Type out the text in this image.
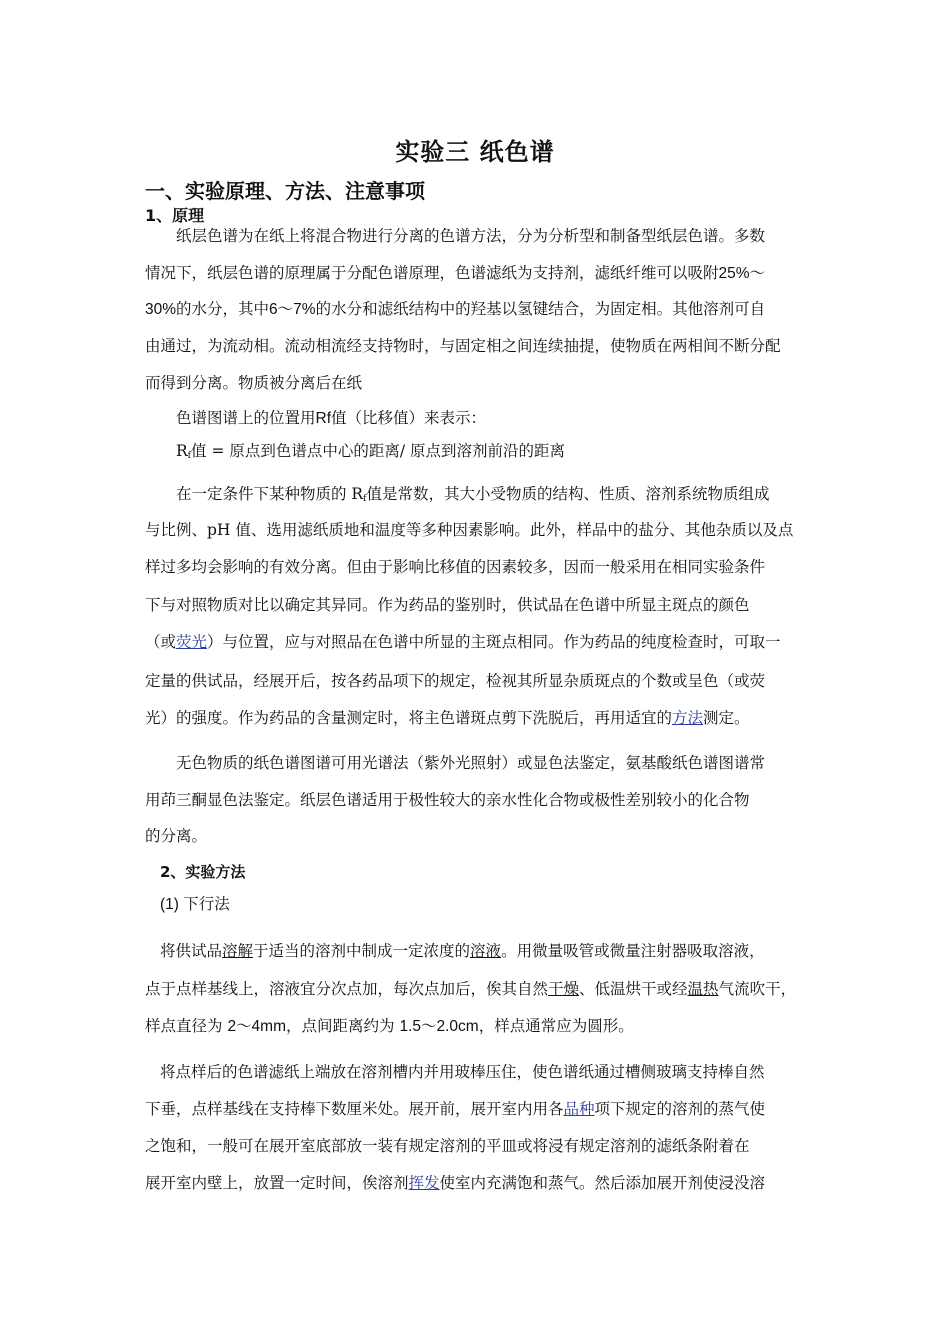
实验三 纸色谱
一、实验原理、方法、注意事项
1、原理
纸层色谱为在纸上将混合物进行分离的色谱方法，分为分析型和制备型纸层色谱。多数
情况下，纸层色谱的原理属于分配色谱原理，色谱滤纸为支持剂，滤纸纤维可以吸附25%～
30%的水分，其中6～7%的水分和滤纸结构中的羟基以氢键结合，为固定相。其他溶剂可自
由通过，为流动相。流动相流经支持物时，与固定相之间连续抽提，使物质在两相间不断分配
而得到分离。物质被分离后在纸
色谱图谱上的位置用Rf值（比移值）来表示：
$R_f$值 = 原点到色谱点中心的距离/ 原点到溶剂前沿的距离
在一定条件下某种物质的 $R_f$值是常数，其大小受物质的结构、性质、溶剂系统物质组成
与比例、pH 值、选用滤纸质地和温度等多种因素影响。此外，样品中的盐分、其他杂质以及点
样过多均会影响的有效分离。但由于影响比移值的因素较多，因而一般采用在相同实验条件
下与对照物质对比以确定其异同。作为药品的鉴别时，供试品在色谱中所显主斑点的颜色
（或荧光）与位置，应与对照品在色谱中所显的主斑点相同。作为药品的纯度检查时，可取一
定量的供试品，经展开后，按各药品项下的规定，检视其所显杂质斑点的个数或呈色（或荧
光）的强度。作为药品的含量测定时，将主色谱斑点剪下洗脱后，再用适宜的方法测定。
无色物质的纸色谱图谱可用光谱法（紫外光照射）或显色法鉴定，氨基酸纸色谱图谱常
用茚三酮显色法鉴定。纸层色谱适用于极性较大的亲水性化合物或极性差别较小的化合物
的分离。
2、实验方法
(1) 下行法
将供试品溶解于适当的溶剂中制成一定浓度的溶液。用微量吸管或微量注射器吸取溶液，
点于点样基线上，溶液宜分次点加，每次点加后，俟其自然干燥、低温烘干或经温热气流吹干，
样点直径为 2～4mm，点间距离约为 1.5～2.0cm，样点通常应为圆形。
将点样后的色谱滤纸上端放在溶剂槽内并用玻棒压住，使色谱纸通过槽侧玻璃支持棒自然
下垂，点样基线在支持棒下数厘米处。展开前，展开室内用各品种项下规定的溶剂的蒸气使
之饱和，一般可在展开室底部放一装有规定溶剂的平皿或将浸有规定溶剂的滤纸条附着在
展开室内壁上，放置一定时间，俟溶剂挥发使室内充满饱和蒸气。然后添加展开剂使浸没溶
